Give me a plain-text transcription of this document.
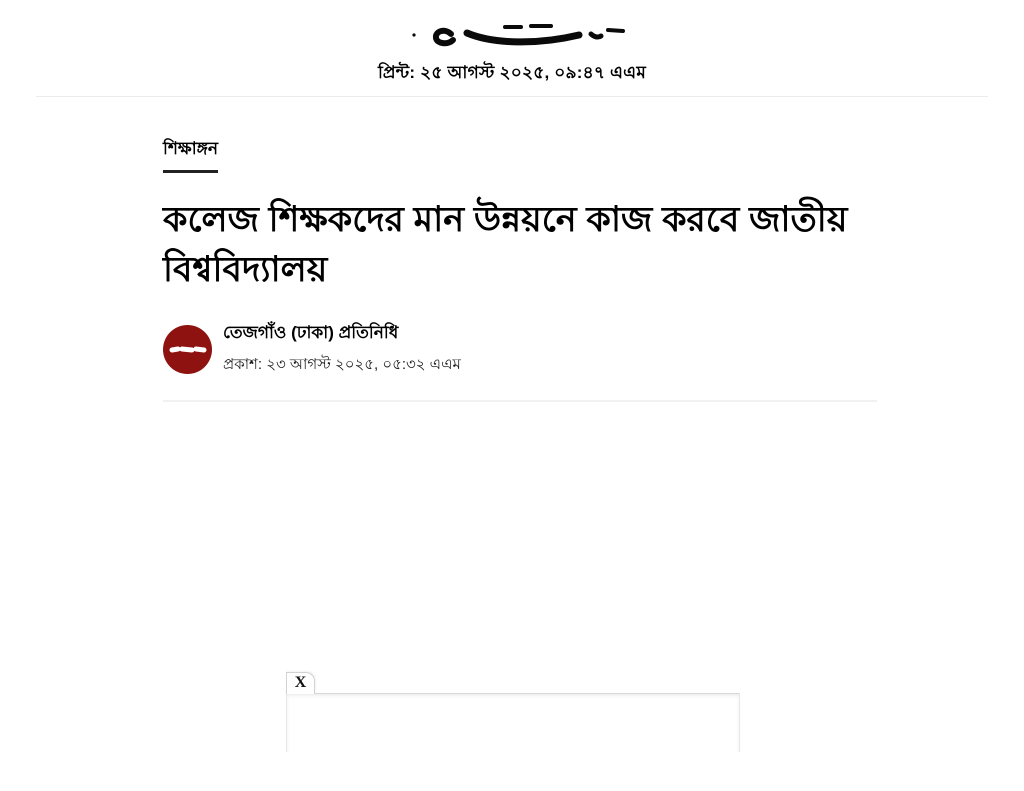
প্রিন্ট: ২৫ আগস্ট ২০২৫, ০৯:৪৭ এএম
শিক্ষাঙ্গন
কলেজ শিক্ষকদের মান উন্নয়নে কাজ করবে জাতীয় বিশ্ববিদ্যালয়
তেজগাঁও (ঢাকা) প্রতিনিধি
প্রকাশ: ২৩ আগস্ট ২০২৫, ০৫:৩২ এএম
X
